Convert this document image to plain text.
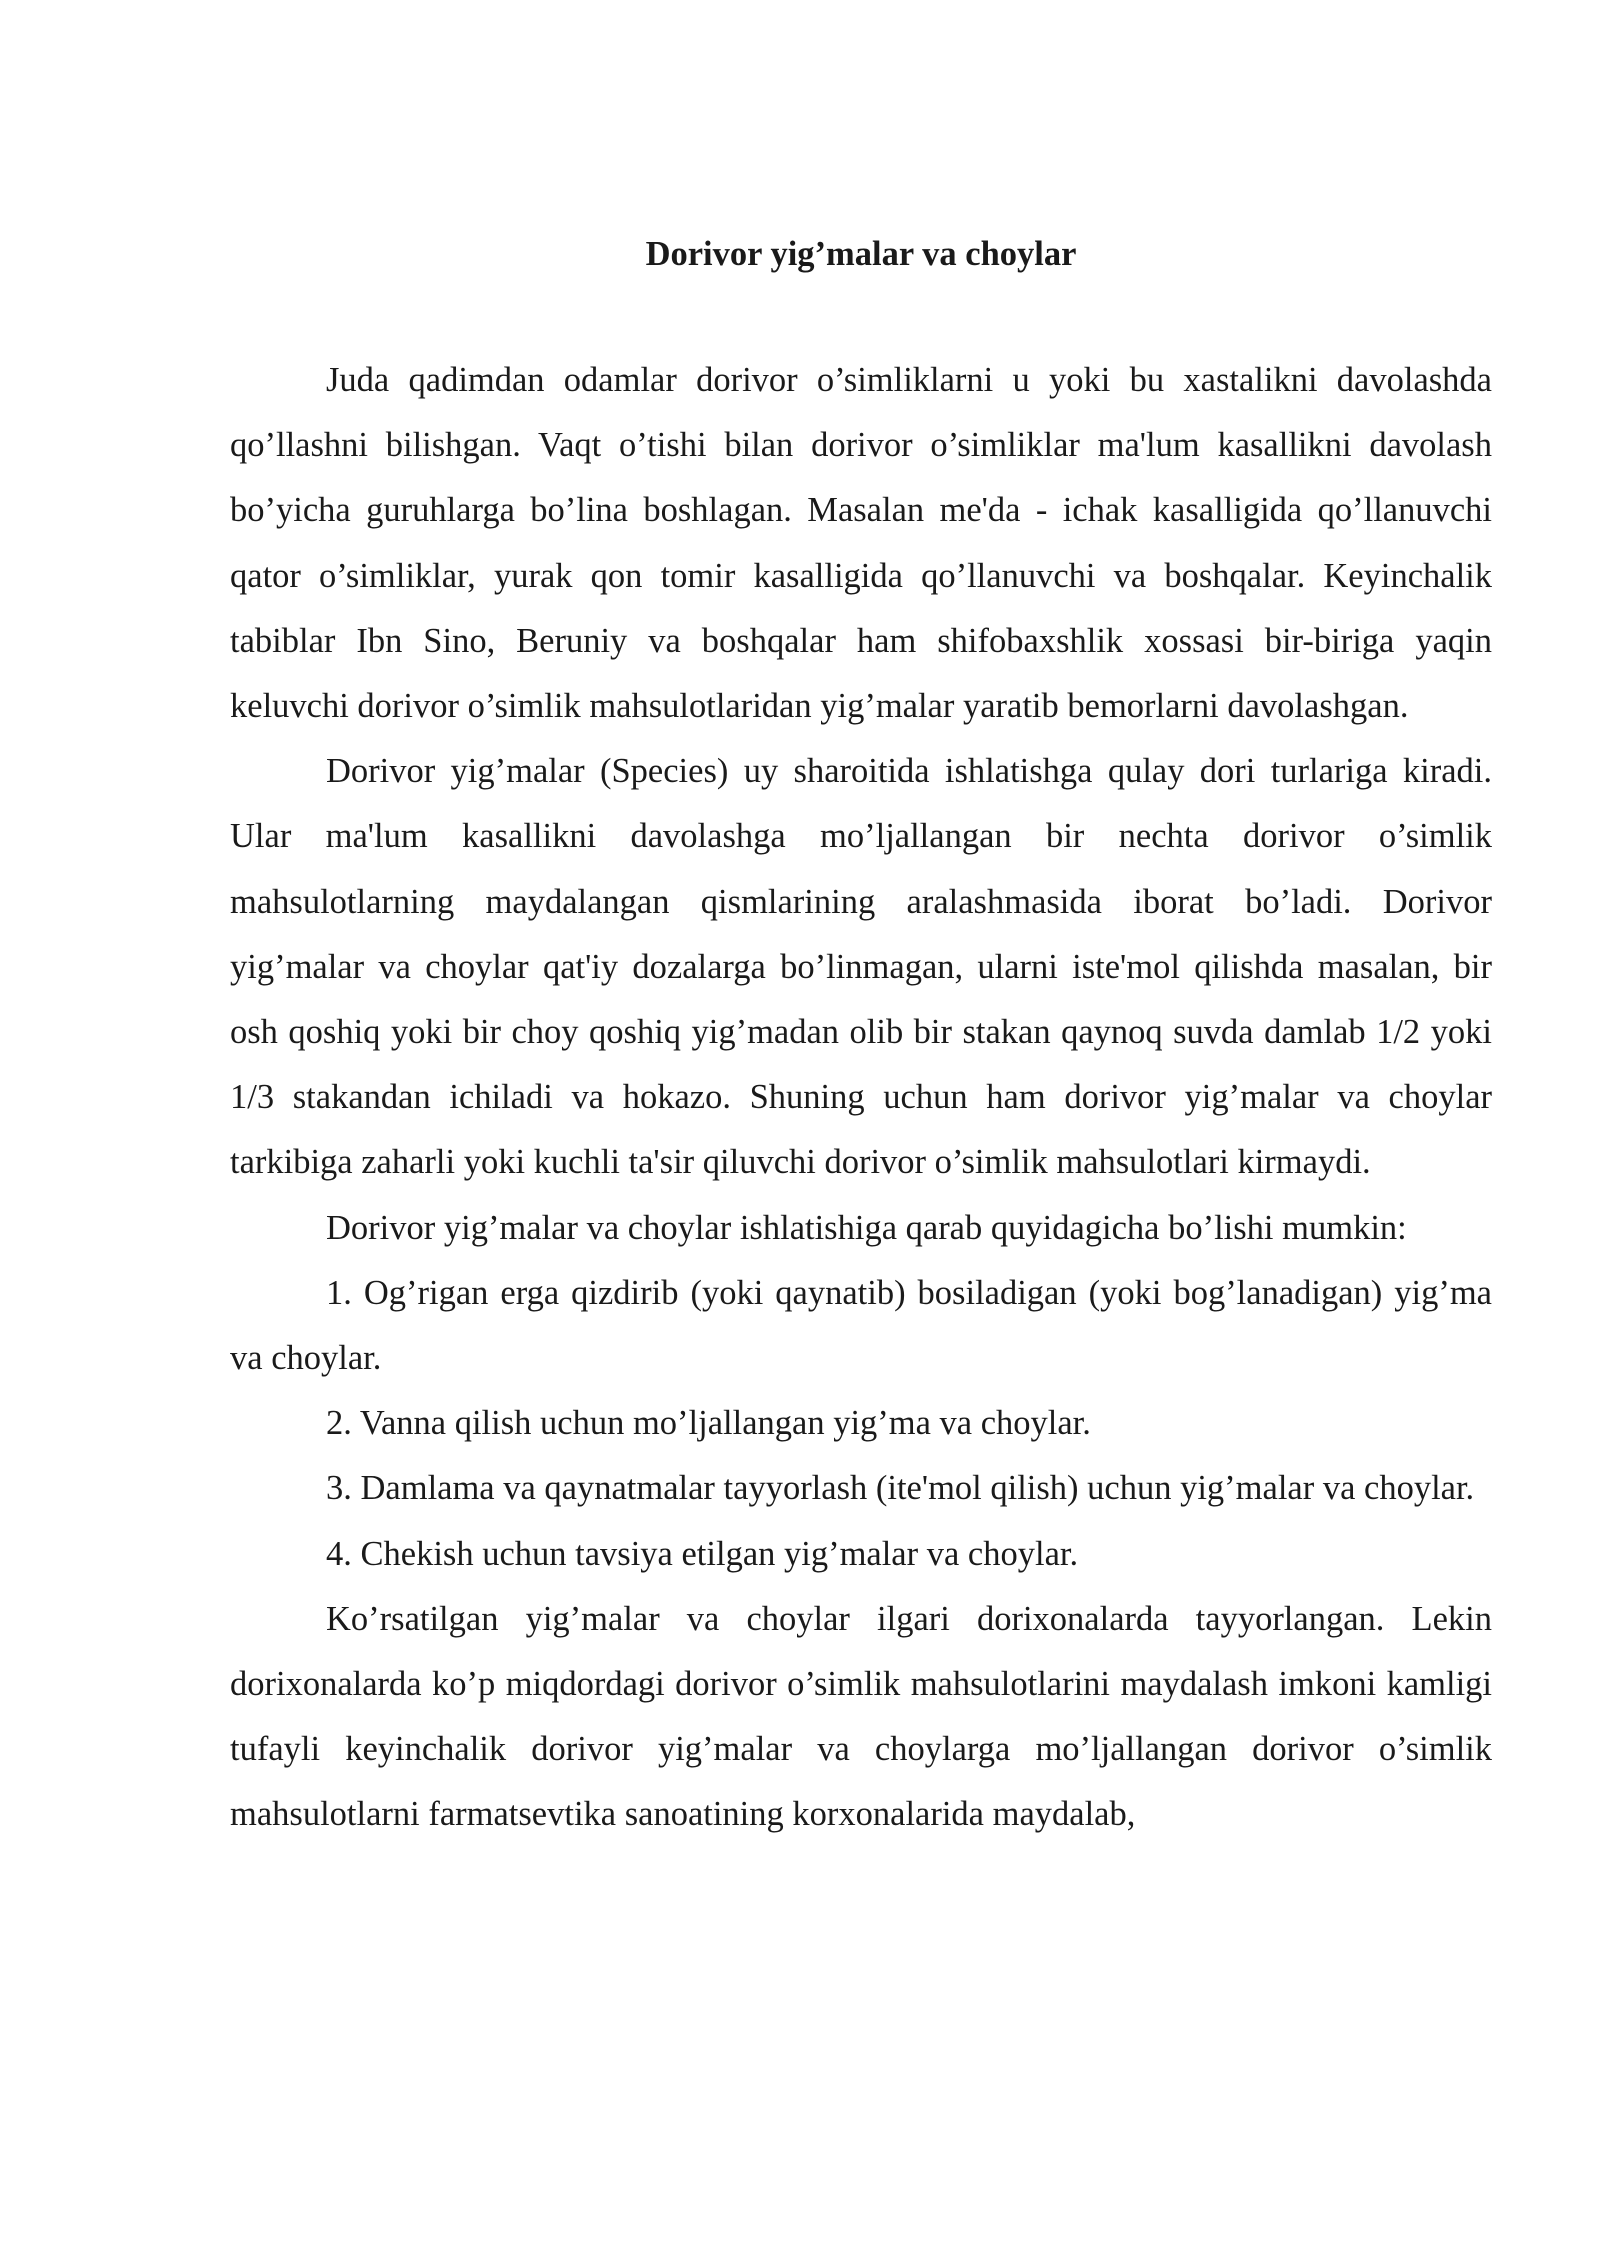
Dorivor yig’malar va choylar

Juda qadimdan odamlar dorivor o’simliklarni u yoki bu xastalikni davolashda qo’llashni bilishgan. Vaqt o’tishi bilan dorivor o’simliklar ma'lum kasallikni davolash bo’yicha guruhlarga bo’lina boshlagan. Masalan me'da - ichak kasalligida qo’llanuvchi qator o’simliklar, yurak qon tomir kasalligida qo’llanuvchi va boshqalar. Keyinchalik tabiblar Ibn Sino, Beruniy va boshqalar ham shifobaxshlik xossasi bir-biriga yaqin keluvchi dorivor o’simlik mahsulotlaridan yig’malar yaratib bemorlarni davolashgan.

Dorivor yig’malar (Species) uy sharoitida ishlatishga qulay dori turlariga kiradi. Ular ma'lum kasallikni davolashga mo’ljallangan bir nechta dorivor o’simlik mahsulotlarning maydalangan qismlarining aralashmasida iborat bo’ladi. Dorivor yig’malar va choylar qat'iy dozalarga bo’linmagan, ularni iste'mol qilishda masalan, bir osh qoshiq yoki bir choy qoshiq yig’madan olib bir stakan qaynoq suvda damlab 1/2 yoki 1/3 stakandan ichiladi va hokazo. Shuning uchun ham dorivor yig’malar va choylar tarkibiga zaharli yoki kuchli ta'sir qiluvchi dorivor o’simlik mahsulotlari kirmaydi.

Dorivor yig’malar va choylar ishlatishiga qarab quyidagicha bo’lishi mumkin:

1. Og’rigan erga qizdirib (yoki qaynatib) bosiladigan (yoki bog’lanadigan) yig’ma va choylar.

2. Vanna qilish uchun mo’ljallangan yig’ma va choylar.

3. Damlama va qaynatmalar tayyorlash (ite'mol qilish) uchun yig’malar va choylar.

4. Chekish uchun tavsiya etilgan yig’malar va choylar.

Ko’rsatilgan yig’malar va choylar ilgari dorixonalarda tayyorlangan. Lekin dorixonalarda ko’p miqdordagi dorivor o’simlik mahsulotlarini maydalash imkoni kamligi tufayli keyinchalik dorivor yig’malar va choylarga mo’ljallangan dorivor o’simlik mahsulotlarni farmatsevtika sanoatining korxonalarida maydalab,
